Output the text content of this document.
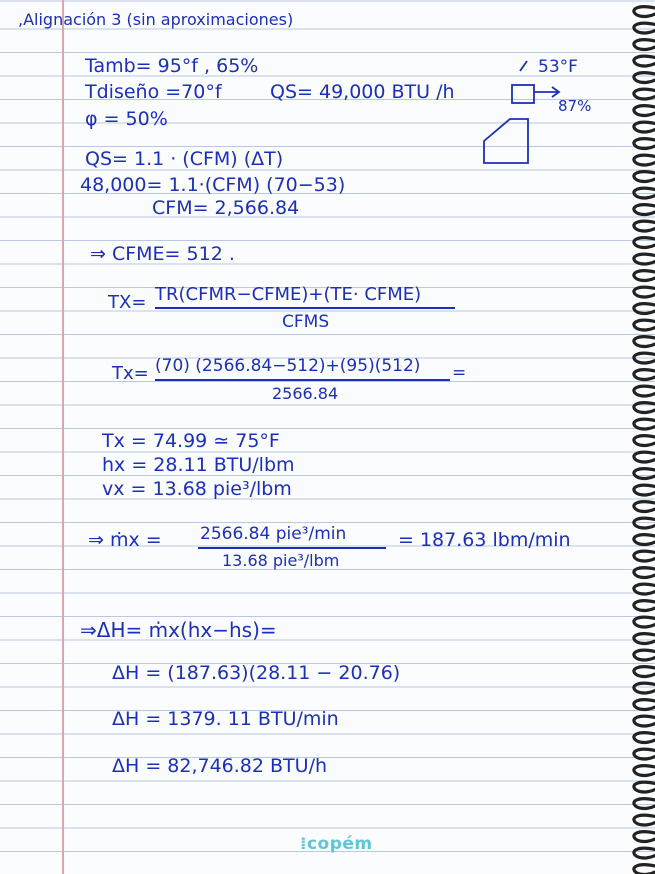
,Alignación 3 (sin aproximaciones)

Tamb= 95°f , 65%

Tdiseño =70°f	QS= 49,000 BTU /h

φ = 50%

53°F

87%

QS= 1.1 · (CFM) (ΔT)

48,000= 1.1·(CFM) (70−53)

CFM= 2,566.84

⇒ CFME= 512 .

TX= TR(CFMR−CFME)+(TE· CFME)

CFMS

Tx= (70) (2566.84−512)+(95)(512) =

2566.84

Tx = 74.99 ≃ 75°F

hx = 28.11 BTU/lbm

vx = 13.68 pie³/lbm

⇒ ṁx = 2566.84 pie³/min

13.68 pie³/lbm

= 187.63 lbm/min

⇒ΔH= ṁx(hx−hs)=

ΔH = (187.63)(28.11 − 20.76)

ΔH = 1379. 11 BTU/min

ΔH = 82,746.82 BTU/h

⁞copém
